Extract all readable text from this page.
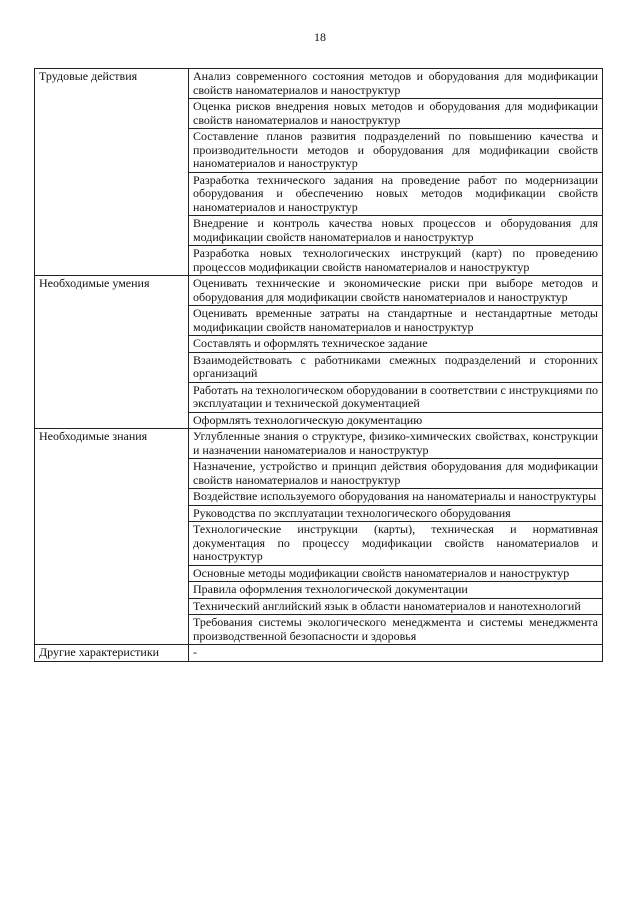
18
Трудовые действия	Анализ современного состояния методов и оборудования для модификации свойств наноматериалов и наноструктур
	Оценка рисков внедрения новых методов и оборудования для модификации свойств наноматериалов и наноструктур
	Составление планов развития подразделений по повышению качества и производительности методов и оборудования для модификации свойств наноматериалов и наноструктур
	Разработка технического задания на проведение работ по модернизации оборудования и обеспечению новых методов модификации свойств наноматериалов и наноструктур
	Внедрение и контроль качества новых процессов и оборудования для модификации свойств наноматериалов и наноструктур
	Разработка новых технологических инструкций (карт) по проведению процессов модификации свойств наноматериалов и наноструктур
Необходимые умения	Оценивать технические и экономические риски при выборе методов и оборудования для модификации свойств наноматериалов и наноструктур
	Оценивать временные затраты на стандартные и нестандартные методы модификации свойств наноматериалов и наноструктур
	Составлять и оформлять техническое задание
	Взаимодействовать с работниками смежных подразделений и сторонних организаций
	Работать на технологическом оборудовании в соответствии с инструкциями по эксплуатации и технической документацией
	Оформлять технологическую документацию
Необходимые знания	Углубленные знания о структуре, физико-химических свойствах, конструкции и назначении наноматериалов и наноструктур
	Назначение, устройство и принцип действия оборудования для модификации свойств наноматериалов и наноструктур
	Воздействие используемого оборудования на наноматериалы и наноструктуры
	Руководства по эксплуатации технологического оборудования
	Технологические инструкции (карты), техническая и нормативная документация по процессу модификации свойств наноматериалов и наноструктур
	Основные методы модификации свойств наноматериалов и наноструктур
	Правила оформления технологической документации
	Технический английский язык в области наноматериалов и нанотехнологий
	Требования системы экологического менеджмента и системы менеджмента производственной безопасности и здоровья
Другие характеристики	-
